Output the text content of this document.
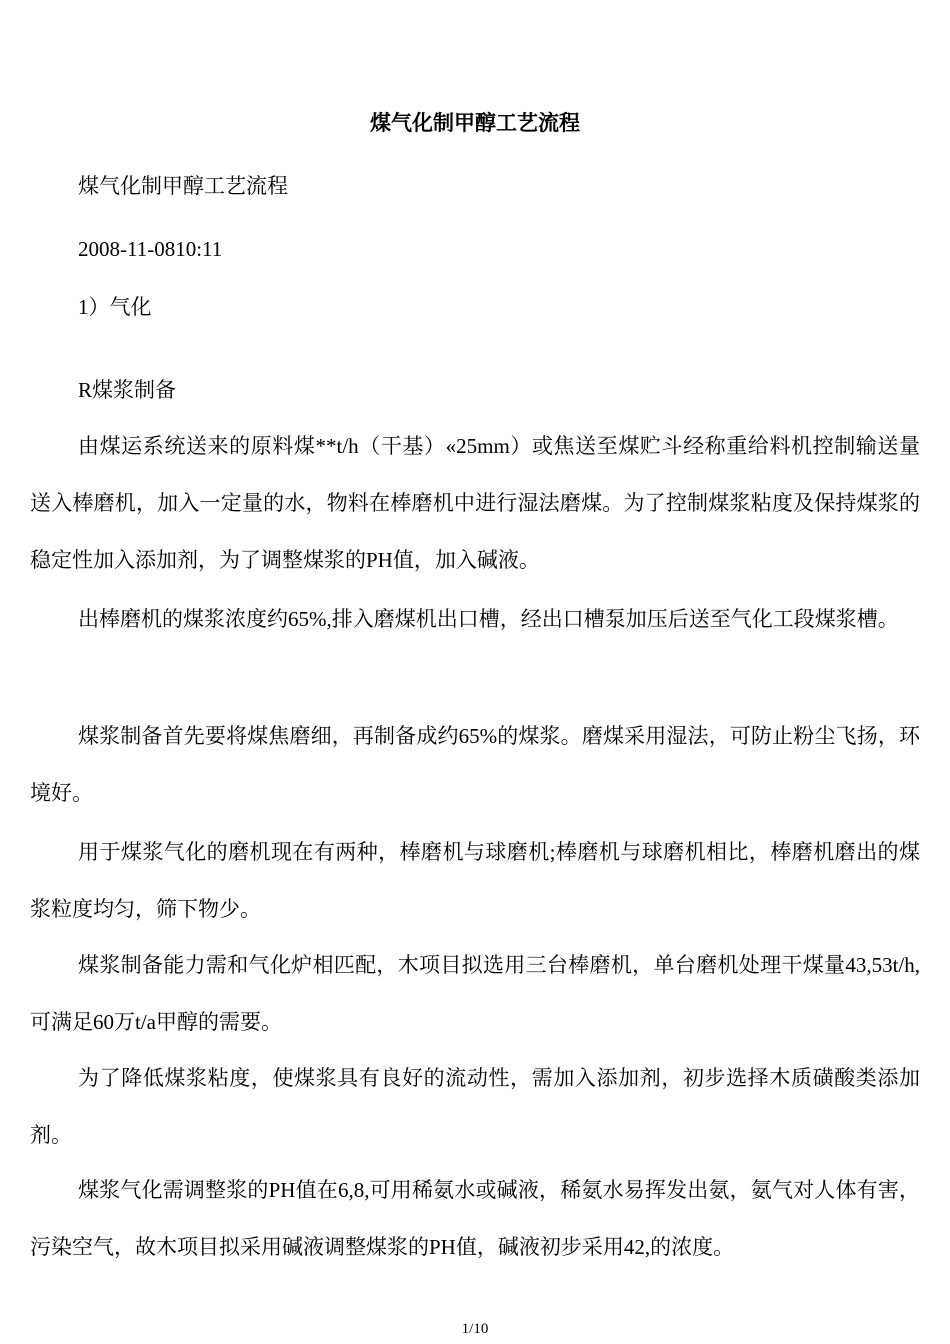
煤气化制甲醇工艺流程
煤气化制甲醇工艺流程
2008-11-0810:11
1）气化
R煤浆制备
由煤运系统送来的原料煤**t/h（干基）«25mm）或焦送至煤贮斗经称重给料机控制输送量送入棒磨机，加入一定量的水，物料在棒磨机中进行湿法磨煤。为了控制煤浆粘度及保持煤浆的稳定性加入添加剂，为了调整煤浆的PH值，加入碱液。
出棒磨机的煤浆浓度约65%,排入磨煤机出口槽，经出口槽泵加压后送至气化工段煤浆槽。
煤浆制备首先要将煤焦磨细，再制备成约65%的煤浆。磨煤采用湿法，可防止粉尘飞扬，环境好。
用于煤浆气化的磨机现在有两种，棒磨机与球磨机;棒磨机与球磨机相比，棒磨机磨出的煤浆粒度均匀，筛下物少。
煤浆制备能力需和气化炉相匹配，木项目拟选用三台棒磨机，单台磨机处理干煤量43,53t/h,可满足60万t/a甲醇的需要。
为了降低煤浆粘度，使煤浆具有良好的流动性，需加入添加剂，初步选择木质磺酸类添加剂。
煤浆气化需调整浆的PH值在6,8,可用稀氨水或碱液，稀氨水易挥发出氨，氨气对人体有害，污染空气，故木项目拟采用碱液调整煤浆的PH值，碱液初步采用42,的浓度。
1/10
